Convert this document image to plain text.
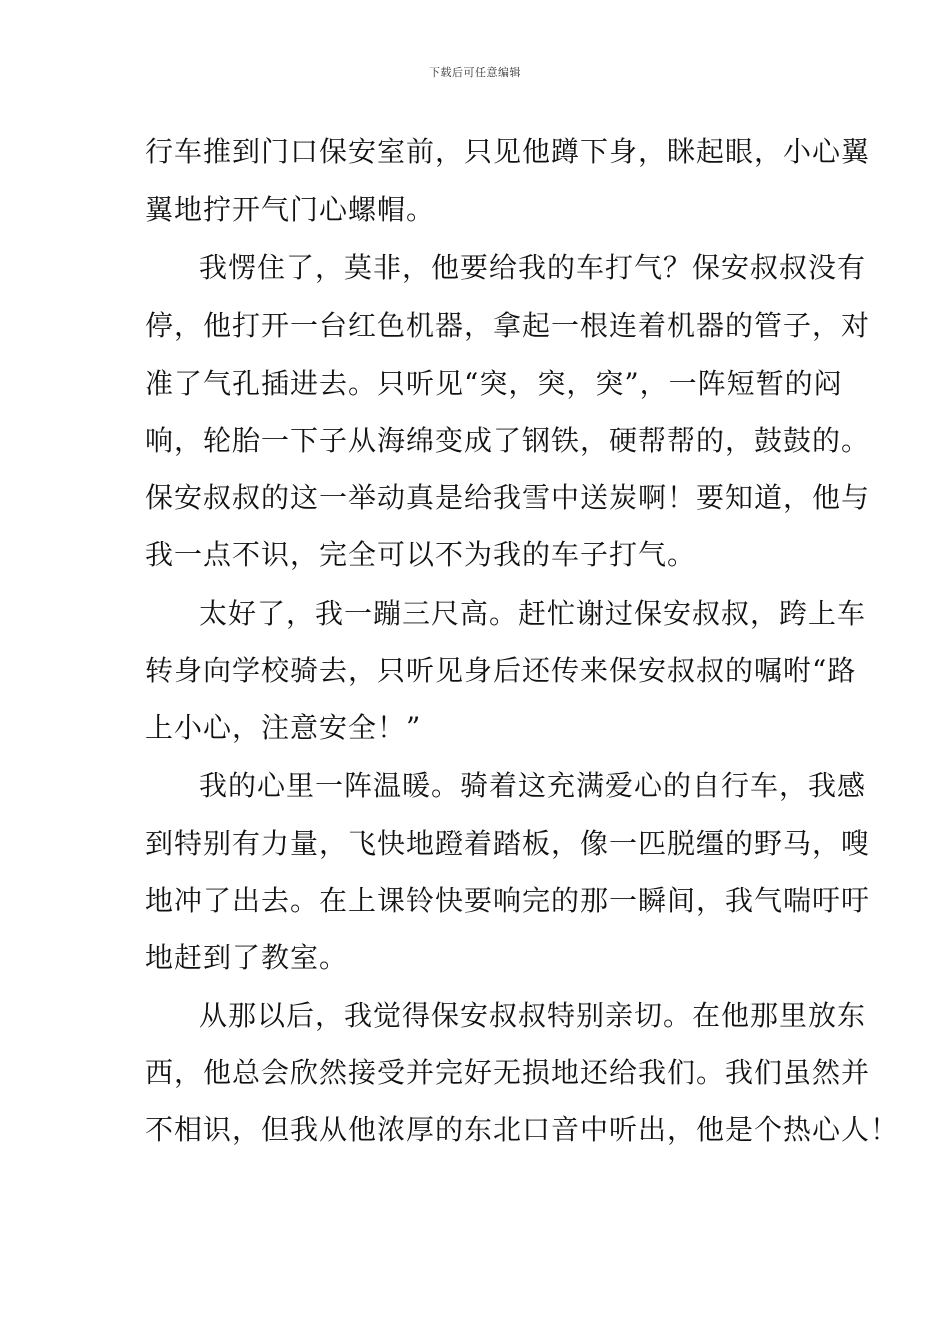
下载后可任意编辑
行车推到门口保安室前，只见他蹲下身，眯起眼，小心翼
翼地拧开气门心螺帽。
我愣住了，莫非，他要给我的车打气？保安叔叔没有
停，他打开一台红色机器，拿起一根连着机器的管子，对
准了气孔插进去。只听见“突，突，突”，一阵短暂的闷
响，轮胎一下子从海绵变成了钢铁，硬帮帮的，鼓鼓的。
保安叔叔的这一举动真是给我雪中送炭啊！要知道，他与
我一点不识，完全可以不为我的车子打气。
太好了，我一蹦三尺高。赶忙谢过保安叔叔，跨上车
转身向学校骑去，只听见身后还传来保安叔叔的嘱咐“路
上小心，注意安全！”
我的心里一阵温暖。骑着这充满爱心的自行车，我感
到特别有力量，飞快地蹬着踏板，像一匹脱缰的野马，嗖
地冲了出去。在上课铃快要响完的那一瞬间，我气喘吁吁
地赶到了教室。
从那以后，我觉得保安叔叔特别亲切。在他那里放东
西，他总会欣然接受并完好无损地还给我们。我们虽然并
不相识，但我从他浓厚的东北口音中听出，他是个热心人！
